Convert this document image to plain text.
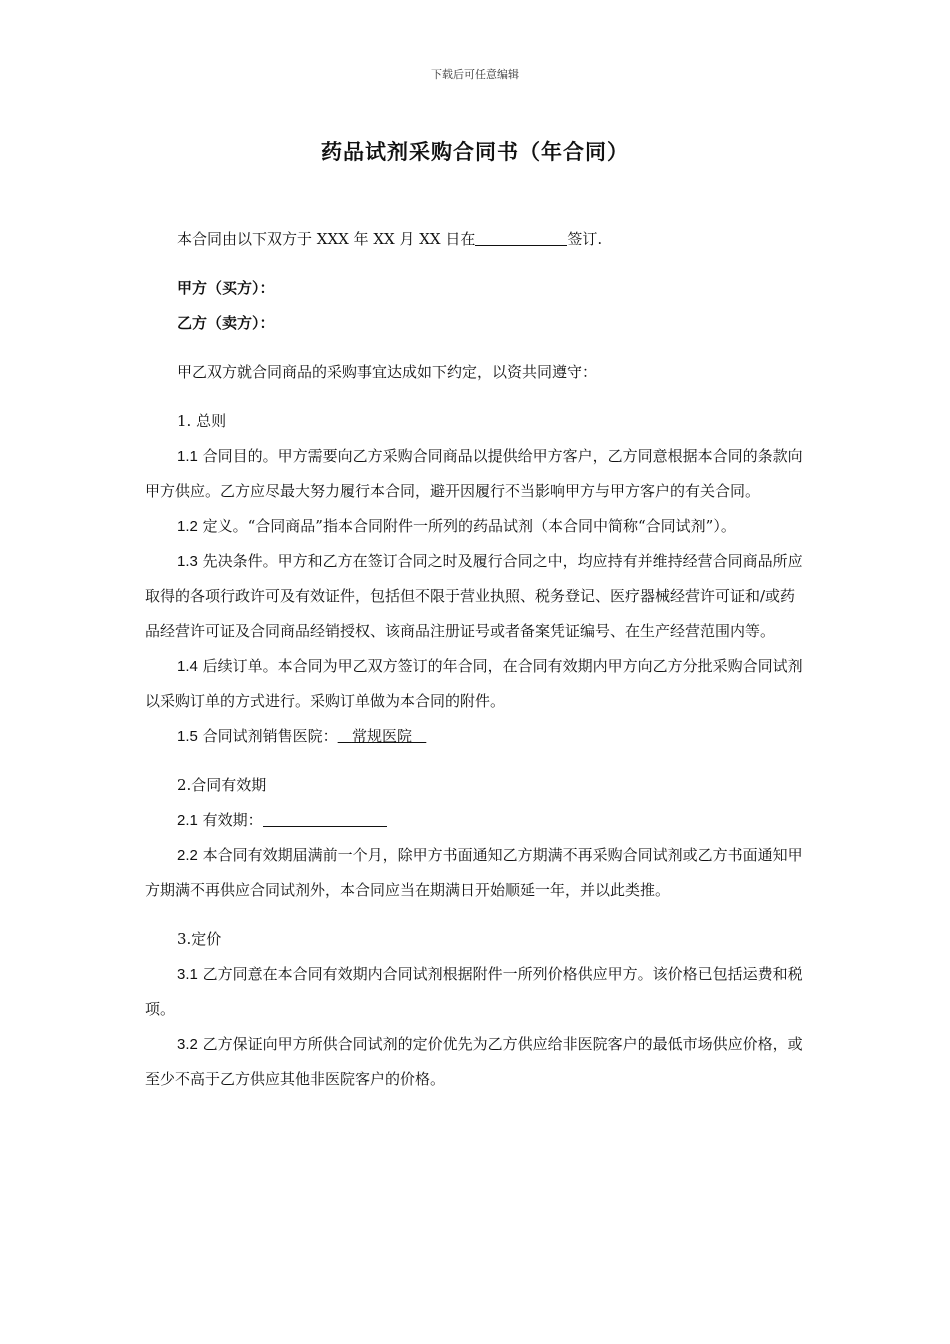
下载后可任意编辑
药品试剂采购合同书（年合同）

本合同由以下双方于 XXX 年 XX 月 XX 日在	签订.

甲方（买方）：

乙方（卖方）：

甲乙双方就合同商品的采购事宜达成如下约定，以资共同遵守：

1. 总则

1.1 合同目的。甲方需要向乙方采购合同商品以提供给甲方客户，乙方同意根据本合同的条款向甲方供应。乙方应尽最大努力履行本合同，避开因履行不当影响甲方与甲方客户的有关合同。

1.2 定义。“合同商品”指本合同附件一所列的药品试剂（本合同中简称“合同试剂”）。

1.3 先决条件。甲方和乙方在签订合同之时及履行合同之中，均应持有并维持经营合同商品所应取得的各项行政许可及有效证件，包括但不限于营业执照、税务登记、医疗器械经营许可证和/或药品经营许可证及合同商品经销授权、该商品注册证号或者备案凭证编号、在生产经营范围内等。

1.4 后续订单。本合同为甲乙双方签订的年合同，在合同有效期内甲方向乙方分批采购合同试剂以采购订单的方式进行。采购订单做为本合同的附件。

1.5 合同试剂销售医院： 常规医院

2.合同有效期

2.1 有效期：

2.2 本合同有效期届满前一个月，除甲方书面通知乙方期满不再采购合同试剂或乙方书面通知甲方期满不再供应合同试剂外，本合同应当在期满日开始顺延一年，并以此类推。

3.定价

3.1 乙方同意在本合同有效期内合同试剂根据附件一所列价格供应甲方。该价格已包括运费和税项。

3.2 乙方保证向甲方所供合同试剂的定价优先为乙方供应给非医院客户的最低市场供应价格，或至少不高于乙方供应其他非医院客户的价格。
